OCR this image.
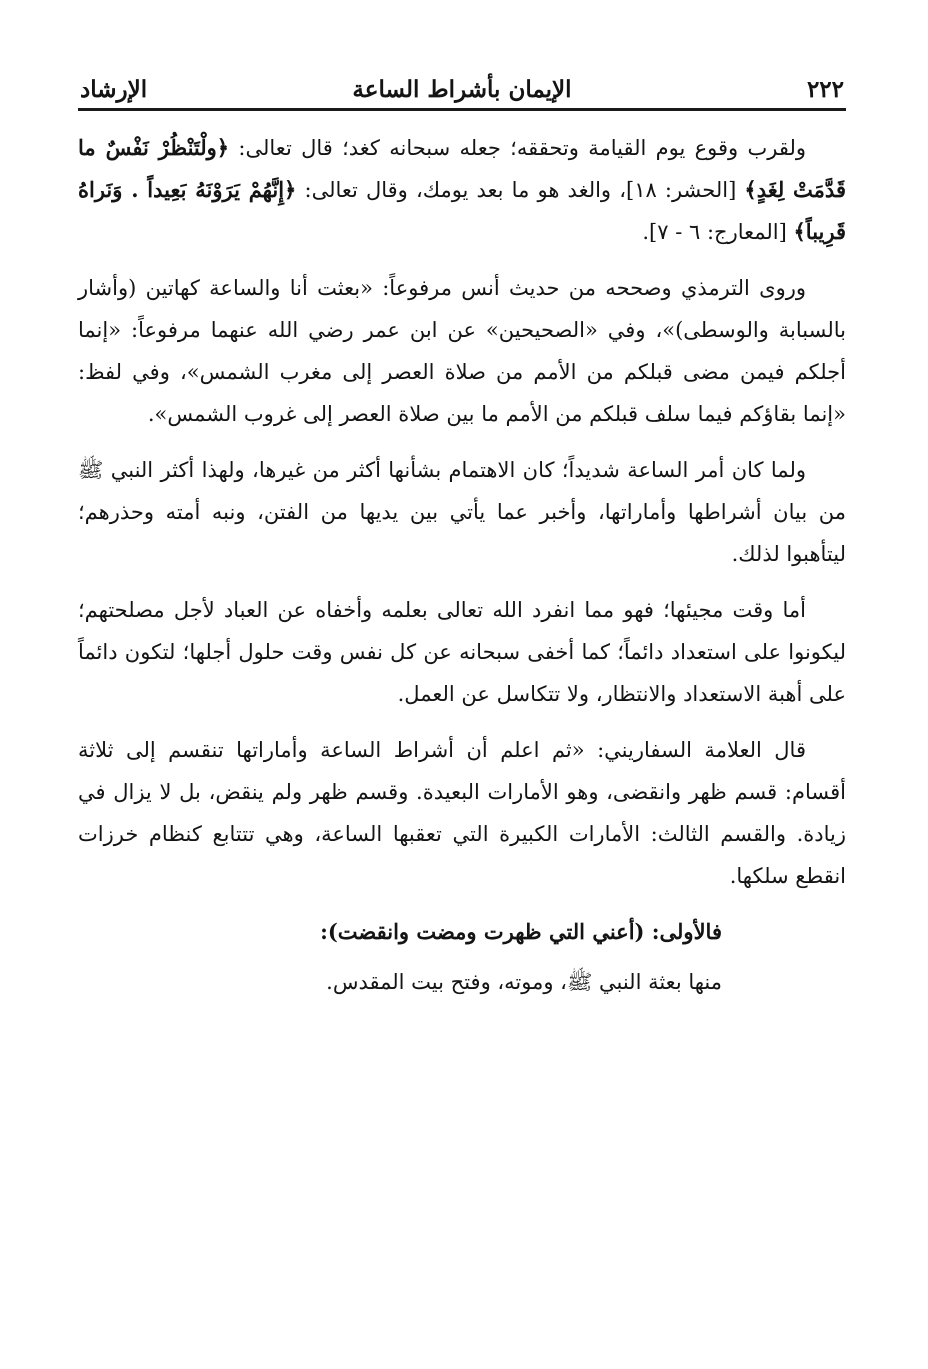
٢٢٢
الإيمان بأشراط الساعة
الإرشاد

ولقرب وقوع يوم القيامة وتحققه؛ جعله سبحانه كغد؛ قال تعالى: ﴿ولْتَنْظُرْ نَفْسٌ ما قَدَّمَتْ لِغَدٍ﴾ [الحشر: ١٨]، والغد هو ما بعد يومك، وقال تعالى: ﴿إِنَّهُمْ يَرَوْنَهُ بَعِيداً . وَنَراهُ قَرِيباً﴾ [المعارج: ٦ - ٧].

وروى الترمذي وصححه من حديث أنس مرفوعاً: «بعثت أنا والساعة كهاتين (وأشار بالسبابة والوسطى)»، وفي «الصحيحين» عن ابن عمر رضي الله عنهما مرفوعاً: «إنما أجلكم فيمن مضى قبلكم من الأمم من صلاة العصر إلى مغرب الشمس»، وفي لفظ: «إنما بقاؤكم فيما سلف قبلكم من الأمم ما بين صلاة العصر إلى غروب الشمس».

ولما كان أمر الساعة شديداً؛ كان الاهتمام بشأنها أكثر من غيرها، ولهذا أكثر النبي ﷺ من بيان أشراطها وأماراتها، وأخبر عما يأتي بين يديها من الفتن، ونبه أمته وحذرهم؛ ليتأهبوا لذلك.

أما وقت مجيئها؛ فهو مما انفرد الله تعالى بعلمه وأخفاه عن العباد لأجل مصلحتهم؛ ليكونوا على استعداد دائماً؛ كما أخفى سبحانه عن كل نفس وقت حلول أجلها؛ لتكون دائماً على أهبة الاستعداد والانتظار، ولا تتكاسل عن العمل.

قال العلامة السفاريني: «ثم اعلم أن أشراط الساعة وأماراتها تنقسم إلى ثلاثة أقسام: قسم ظهر وانقضى، وهو الأمارات البعيدة. وقسم ظهر ولم ينقض، بل لا يزال في زيادة. والقسم الثالث: الأمارات الكبيرة التي تعقبها الساعة، وهي تتتابع كنظام خرزات انقطع سلكها.

فالأولى: (أعني التي ظهرت ومضت وانقضت):

منها بعثة النبي ﷺ، وموته، وفتح بيت المقدس.
